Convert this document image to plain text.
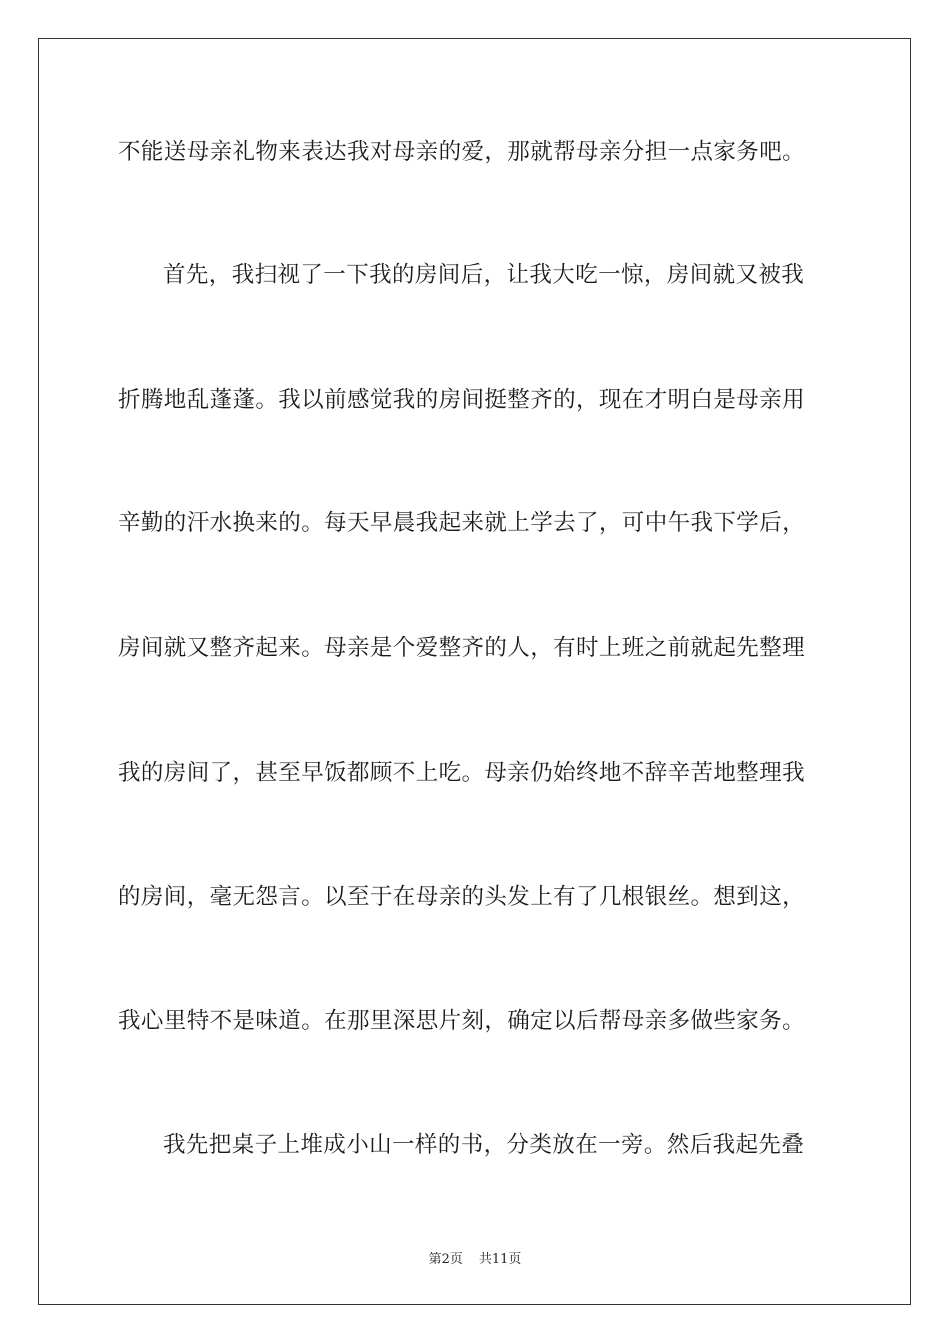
不能送母亲礼物来表达我对母亲的爱，那就帮母亲分担一点家务吧。
首先，我扫视了一下我的房间后，让我大吃一惊，房间就又被我
折腾地乱蓬蓬。我以前感觉我的房间挺整齐的，现在才明白是母亲用
辛勤的汗水换来的。每天早晨我起来就上学去了，可中午我下学后，
房间就又整齐起来。母亲是个爱整齐的人，有时上班之前就起先整理
我的房间了，甚至早饭都顾不上吃。母亲仍始终地不辞辛苦地整理我
的房间，毫无怨言。以至于在母亲的头发上有了几根银丝。想到这，
我心里特不是味道。在那里深思片刻，确定以后帮母亲多做些家务。
我先把桌子上堆成小山一样的书，分类放在一旁。然后我起先叠
第2页 共11页
